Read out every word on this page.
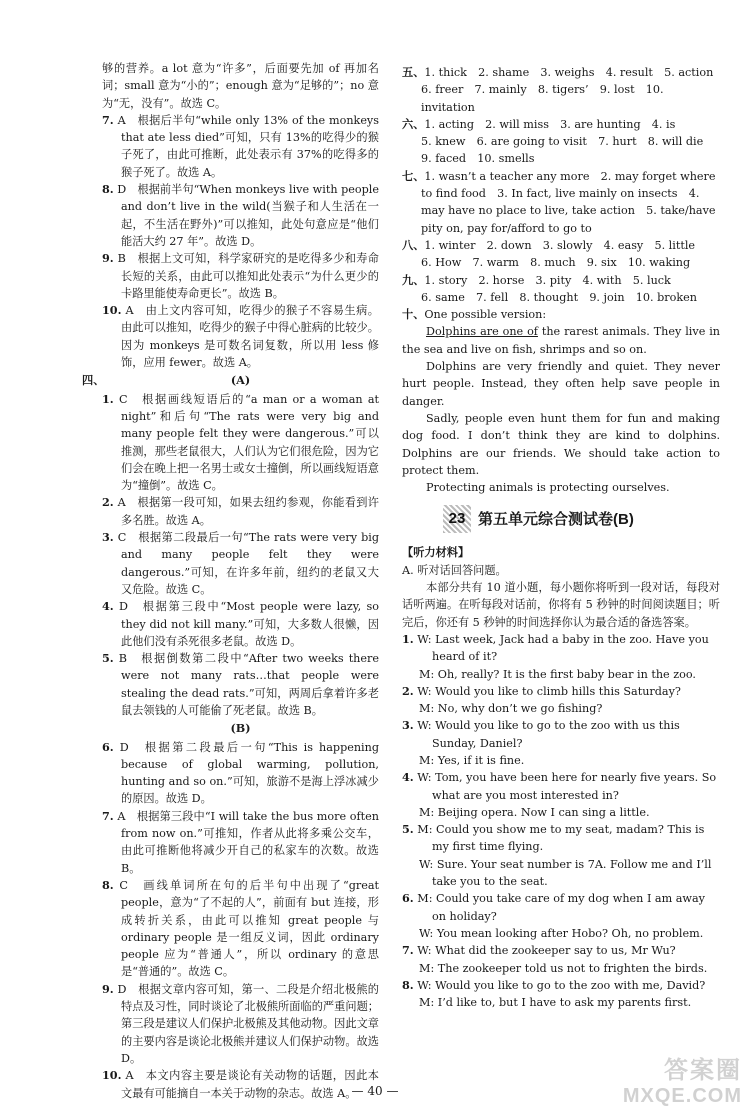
够的营养。a lot 意为“许多”，后面要先加 of 再加名词；small 意为“小的”；enough 意为“足够的”；no 意为“无，没有”。故选 C。

7. A　根据后半句“while only 13% of the monkeys that ate less died”可知，只有 13%的吃得少的猴子死了，由此可推断，此处表示有 37%的吃得多的猴子死了。故选 A。

8. D　根据前半句“When monkeys live with people and don’t live in the wild(当猴子和人生活在一起，不生活在野外)”可以推知，此处句意应是“他们能活大约 27 年”。故选 D。

9. B　根据上文可知，科学家研究的是吃得多少和寿命长短的关系，由此可以推知此处表示“为什么更少的卡路里能使寿命更长”。故选 B。

10. A　由上文内容可知，吃得少的猴子不容易生病。由此可以推知，吃得少的猴子中得心脏病的比较少。因为 monkeys 是可数名词复数，所以用 less 修饰，应用 fewer。故选 A。

四、	(A)

1. C　根据画线短语后的“a man or a woman at night”和后句“The rats were very big and many people felt they were dangerous.”可以推测，那些老鼠很大，人们认为它们很危险，因为它们会在晚上把一名男士或女士撞倒，所以画线短语意为“撞倒”。故选 C。

2. A　根据第一段可知，如果去纽约参观，你能看到许多名胜。故选 A。

3. C　根据第二段最后一句“The rats were very big and many people felt they were dangerous.”可知，在许多年前，纽约的老鼠又大又危险。故选 C。

4. D　根据第三段中“Most people were lazy, so they did not kill many.”可知，大多数人很懒，因此他们没有杀死很多老鼠。故选 D。

5. B　根据倒数第二段中“After two weeks there were not many rats…that people were stealing the dead rats.”可知，两周后拿着许多老鼠去领钱的人可能偷了死老鼠。故选 B。

(B)

6. D　根据第二段最后一句“This is happening because of global warming, pollution, hunting and so on.”可知，旅游不是海上浮冰减少的原因。故选 D。

7. A　根据第三段中“I will take the bus more often from now on.”可推知，作者从此将多乘公交车，由此可推断他将减少开自己的私家车的次数。故选 B。

8. C　画线单词所在句的后半句中出现了“great people，意为“了不起的人”，前面有 but 连接，形成转折关系，由此可以推知 great people 与 ordinary people 是一组反义词，因此 ordinary people 应为“普通人”，所以 ordinary 的意思是“普通的”。故选 C。

9. D　根据文章内容可知，第一、二段是介绍北极熊的特点及习性，同时谈论了北极熊所面临的严重问题；第三段是建议人们保护北极熊及其他动物。因此文章的主要内容是谈论北极熊并建议人们保护动物。故选 D。

10. A　本文内容主要是谈论有关动物的话题，因此本文最有可能摘自一本关于动物的杂志。故选 A。

五、1. thick　2. shame　3. weighs　4. result　5. action

6. freer　7. mainly　8. tigers’　9. lost　10. invitation

六、1. acting　2. will miss　3. are hunting　4. is

5. knew　6. are going to visit　7. hurt　8. will die

9. faced　10. smells

七、1. wasn’t a teacher any more　2. may forget where to find food　3. In fact, live mainly on insects　4. may have no place to live, take action　5. take/have pity on, pay for/afford to go to

八、1. winter　2. down　3. slowly　4. easy　5. little

6. How　7. warm　8. much　9. six　10. waking

九、1. story　2. horse　3. pity　4. with　5. luck

6. same　7. fell　8. thought　9. join　10. broken

十、One possible version:

Dolphins are one of the rarest animals. They live in the sea and live on fish, shrimps and so on.

Dolphins are very friendly and quiet. They never hurt people. Instead, they often help save people in danger.

Sadly, people even hunt them for fun and making dog food. I don’t think they are kind to dolphins. Dolphins are our friends. We should take action to protect them.

Protecting animals is protecting ourselves.

23 第五单元综合测试卷(B)

【听力材料】

A. 听对话回答问题。

本部分共有 10 道小题，每小题你将听到一段对话，每段对话听两遍。在听每段对话前，你将有 5 秒钟的时间阅读题目；听完后，你还有 5 秒钟的时间选择你认为最合适的备选答案。

1. W: Last week, Jack had a baby in the zoo. Have you heard of it?

M: Oh, really? It is the first baby bear in the zoo.

2. W: Would you like to climb hills this Saturday?

M: No, why don’t we go fishing?

3. W: Would you like to go to the zoo with us this Sunday, Daniel?

M: Yes, if it is fine.

4. W: Tom, you have been here for nearly five years. So what are you most interested in?

M: Beijing opera. Now I can sing a little.

5. M: Could you show me to my seat, madam? This is my first time flying.

W: Sure. Your seat number is 7A. Follow me and I’ll take you to the seat.

6. M: Could you take care of my dog when I am away on holiday?

W: You mean looking after Hobo? Oh, no problem.

7. W: What did the zookeeper say to us, Mr Wu?

M: The zookeeper told us not to frighten the birds.

8. W: Would you like to go to the zoo with me, David?

M: I’d like to, but I have to ask my parents first.

— 40 —
答案圈
MXQE.COM
